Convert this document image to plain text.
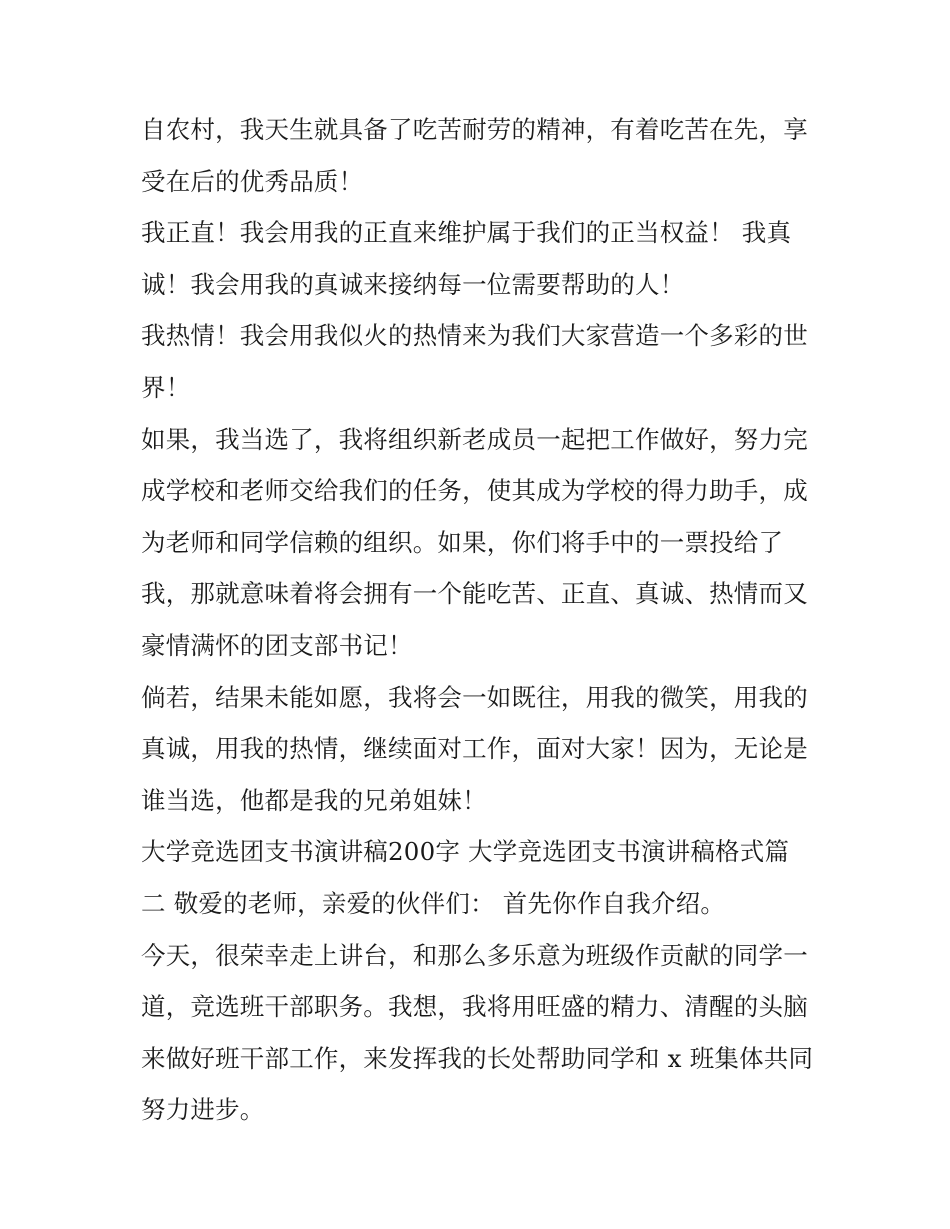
自农村，我天生就具备了吃苦耐劳的精神，有着吃苦在先，享
受在后的优秀品质！
我正直！我会用我的正直来维护属于我们的正当权益！ 我真
诚！我会用我的真诚来接纳每一位需要帮助的人！
我热情！我会用我似火的热情来为我们大家营造一个多彩的世
界！
如果，我当选了，我将组织新老成员一起把工作做好，努力完
成学校和老师交给我们的任务，使其成为学校的得力助手，成
为老师和同学信赖的组织。如果，你们将手中的一票投给了
我，那就意味着将会拥有一个能吃苦、正直、真诚、热情而又
豪情满怀的团支部书记！
倘若，结果未能如愿，我将会一如既往，用我的微笑，用我的
真诚，用我的热情，继续面对工作，面对大家！因为，无论是
谁当选，他都是我的兄弟姐妹！
大学竞选团支书演讲稿200字 大学竞选团支书演讲稿格式篇
二 敬爱的老师，亲爱的伙伴们： 首先你作自我介绍。
今天，很荣幸走上讲台，和那么多乐意为班级作贡献的同学一
道，竞选班干部职务。我想，我将用旺盛的精力、清醒的头脑
来做好班干部工作，来发挥我的长处帮助同学和 x 班集体共同
努力进步。
